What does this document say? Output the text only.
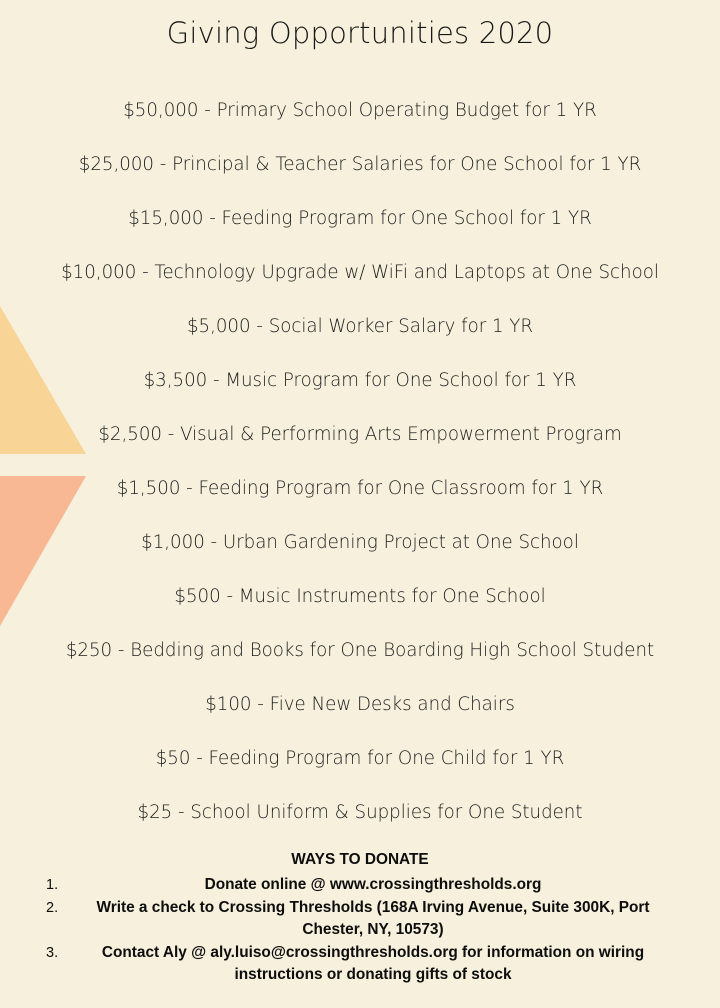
Giving Opportunities 2020
$50,000 - Primary School Operating Budget for 1 YR
$25,000 - Principal & Teacher Salaries for One School for 1 YR
$15,000 - Feeding Program for One School for 1 YR
$10,000 - Technology Upgrade w/ WiFi and Laptops at One School
$5,000 - Social Worker Salary for 1 YR
$3,500 - Music Program for One School for 1 YR
$2,500 - Visual & Performing Arts Empowerment Program
$1,500 - Feeding Program for One Classroom for 1 YR
$1,000 - Urban Gardening Project at One School
$500 - Music Instruments for One School
$250 - Bedding and Books for One Boarding High School Student
$100 - Five New Desks and Chairs
$50 - Feeding Program for One Child for 1 YR
$25 - School Uniform & Supplies for One Student
WAYS TO DONATE
1.	Donate online @ www.crossingthresholds.org
2.	Write a check to Crossing Thresholds (168A Irving Avenue, Suite 300K, Port Chester, NY, 10573)
3.	Contact Aly @ aly.luiso@crossingthresholds.org for information on wiring instructions or donating gifts of stock
